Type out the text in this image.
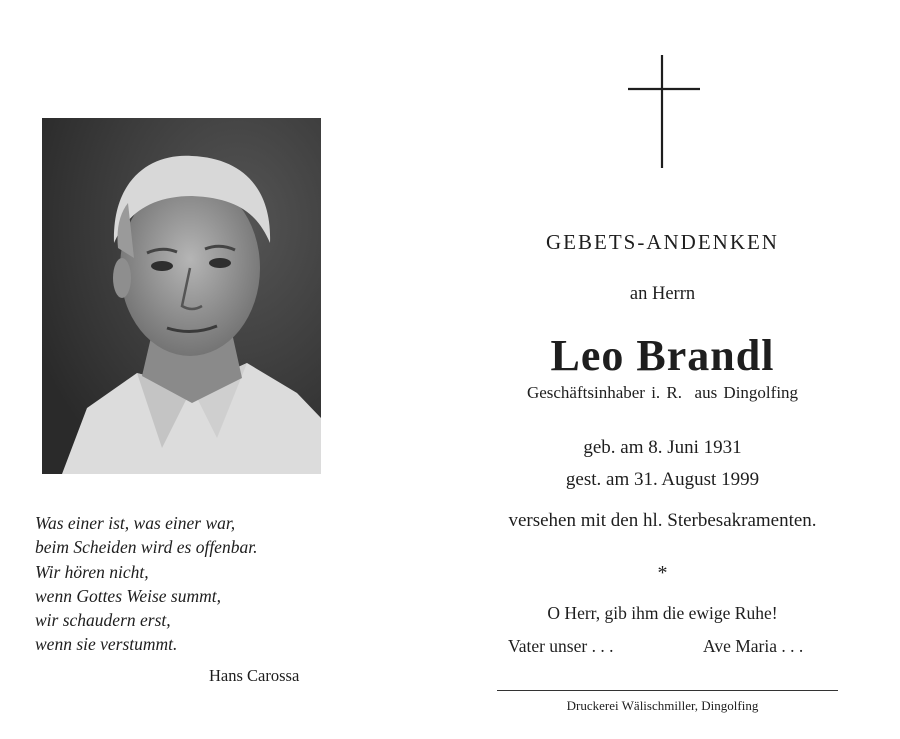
Was einer ist, was einer war,
beim Scheiden wird es offenbar.
Wir hören nicht,
wenn Gottes Weise summt,
wir schaudern erst,
wenn sie verstummt.
Hans Carossa
GEBETS-ANDENKEN
an Herrn
Leo Brandl
Geschäftsinhaber i. R.  aus Dingolfing
geb. am 8. Juni 1931
gest. am 31. August 1999
versehen mit den hl. Sterbesakramenten.
*
O Herr, gib ihm die ewige Ruhe!
Vater unser . . .	Ave Maria . . .
Druckerei Wälischmiller, Dingolfing
